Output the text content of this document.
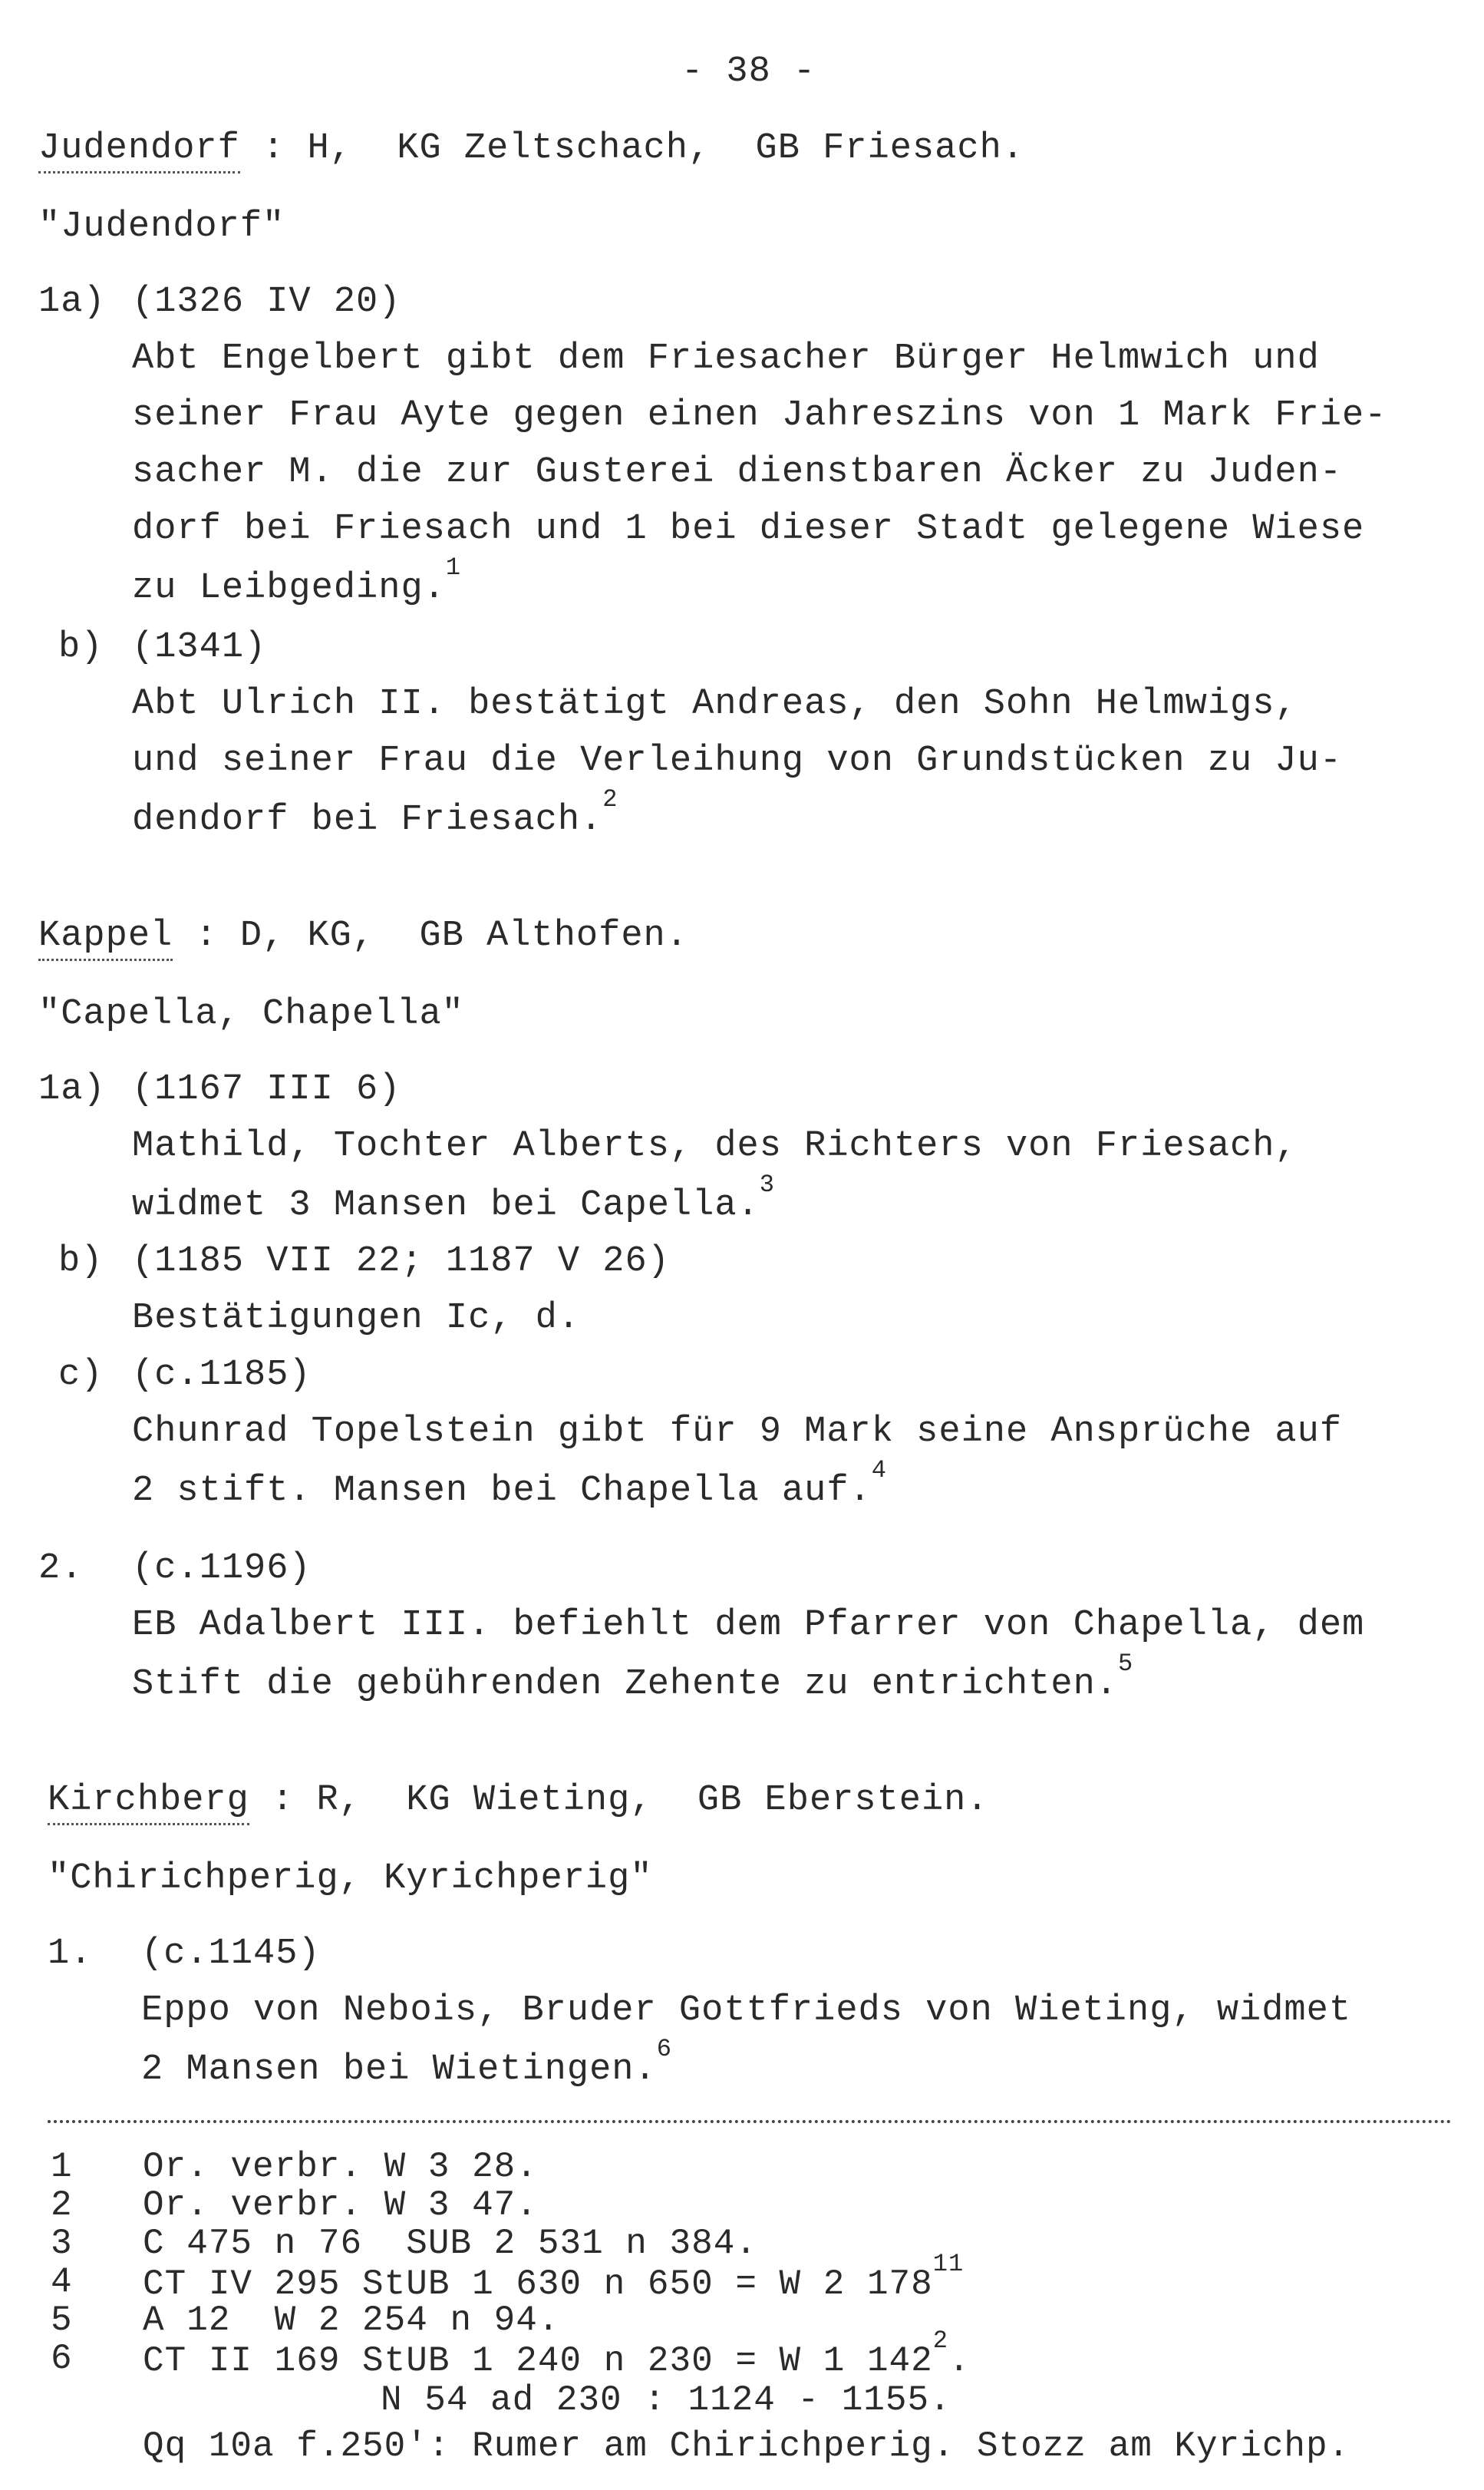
- 38 -
Judendorf : H,  KG Zeltschach,  GB Friesach.
"Judendorf"
1a) (1326 IV 20)
Abt Engelbert gibt dem Friesacher Bürger Helmwich und
seiner Frau Ayte gegen einen Jahreszins von 1 Mark Frie-
sacher M. die zur Gusterei dienstbaren Äcker zu Juden-
dorf bei Friesach und 1 bei dieser Stadt gelegene Wiese
zu Leibgeding.$^1$
b) (1341)
Abt Ulrich II. bestätigt Andreas, den Sohn Helmwigs,
und seiner Frau die Verleihung von Grundstücken zu Ju-
dendorf bei Friesach.$^2$
Kappel : D, KG,  GB Althofen.
"Capella, Chapella"
1a) (1167 III 6)
Mathild, Tochter Alberts, des Richters von Friesach,
widmet 3 Mansen bei Capella.$^3$
b) (1185 VII 22; 1187 V 26)
Bestätigungen Ic, d.
c) (c.1185)
Chunrad Topelstein gibt für 9 Mark seine Ansprüche auf
2 stift. Mansen bei Chapella auf.$^4$
2. (c.1196)
EB Adalbert III. befiehlt dem Pfarrer von Chapella, dem
Stift die gebührenden Zehente zu entrichten.$^5$
Kirchberg : R,  KG Wieting,  GB Eberstein.
"Chirichperig, Kyrichperig"
1. (c.1145)
Eppo von Nebois, Bruder Gottfrieds von Wieting, widmet
2 Mansen bei Wietingen.$^6$
1 Or. verbr. W 3 28.
2 Or. verbr. W 3 47.
3 C 475 n 76  SUB 2 531 n 384.
4 CT IV 295 StUB 1 630 n 650 = W 2 $178^{11}$
5 A 12  W 2 254 n 94.
6 CT II 169 StUB 1 240 n 230 = W 1 $142^2$.
N 54 ad 230 : 1124 - 1155.
Qq 10a f.250': Rumer am Chirichperig. Stozz am Kyrichp.
